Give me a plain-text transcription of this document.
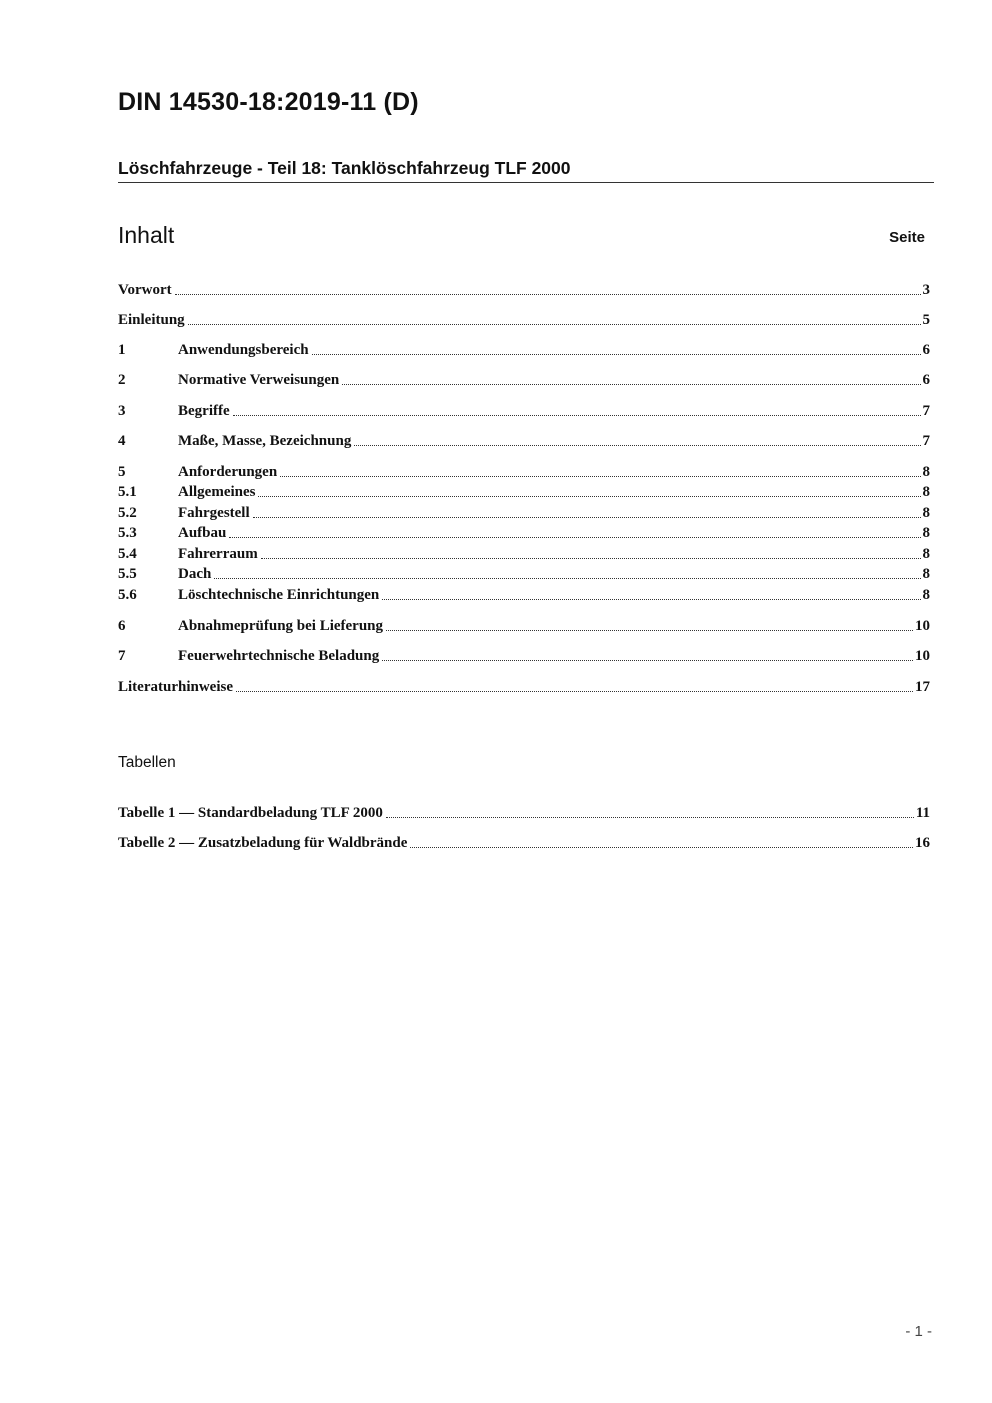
DIN 14530-18:2019-11 (D)
Löschfahrzeuge - Teil 18: Tanklöschfahrzeug TLF 2000
Inhalt	Seite
Vorwort	3
Einleitung	5
1	Anwendungsbereich	6
2	Normative Verweisungen	6
3	Begriffe	7
4	Maße, Masse, Bezeichnung	7
5	Anforderungen	8
5.1	Allgemeines	8
5.2	Fahrgestell	8
5.3	Aufbau	8
5.4	Fahrerraum	8
5.5	Dach	8
5.6	Löschtechnische Einrichtungen	8
6	Abnahmeprüfung bei Lieferung	10
7	Feuerwehrtechnische Beladung	10
Literaturhinweise	17
Tabellen
Tabelle 1 — Standardbeladung TLF 2000	11
Tabelle 2 — Zusatzbeladung für Waldbrände	16
- 1 -
